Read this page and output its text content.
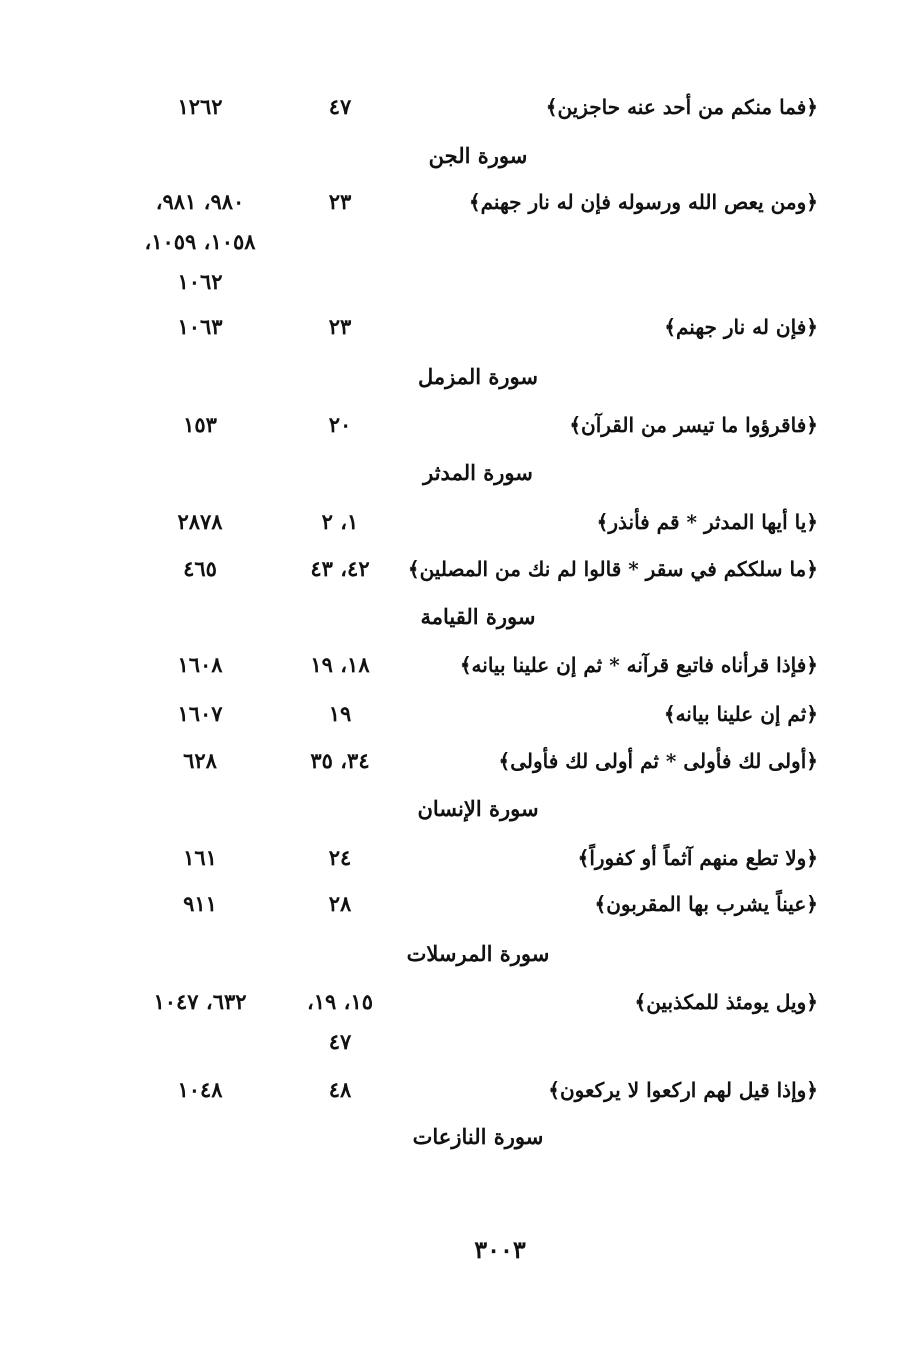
﴿فما منكم من أحد عنه حاجزين﴾
٤٧
١٢٦٢
سورة الجن
﴿ومن يعص الله ورسوله فإن له نار جهنم﴾
٢٣
٩٨٠، ٩٨١،
١٠٥٨، ١٠٥٩،
١٠٦٢
﴿فإن له نار جهنم﴾
٢٣
١٠٦٣
سورة المزمل
﴿فاقرؤوا ما تيسر من القرآن﴾
٢٠
١٥٣
سورة المدثر
﴿يا أيها المدثر * قم فأنذر﴾
١، ٢
٢٨٧٨
﴿ما سلككم في سقر * قالوا لم نك من المصلين﴾
٤٢، ٤٣
٤٦٥
سورة القيامة
﴿فإذا قرأناه فاتبع قرآنه * ثم إن علينا بيانه﴾
١٨، ١٩
١٦٠٨
﴿ثم إن علينا بيانه﴾
١٩
١٦٠٧
﴿أولى لك فأولى * ثم أولى لك فأولى﴾
٣٤، ٣٥
٦٢٨
سورة الإنسان
﴿ولا تطع منهم آثماً أو كفوراً﴾
٢٤
١٦١
﴿عيناً يشرب بها المقربون﴾
٢٨
٩١١
سورة المرسلات
﴿ويل يومئذ للمكذبين﴾
١٥، ١٩،
٦٣٢، ١٠٤٧
٤٧
﴿وإذا قيل لهم اركعوا لا يركعون﴾
٤٨
١٠٤٨
سورة النازعات
٣٠٠٣
